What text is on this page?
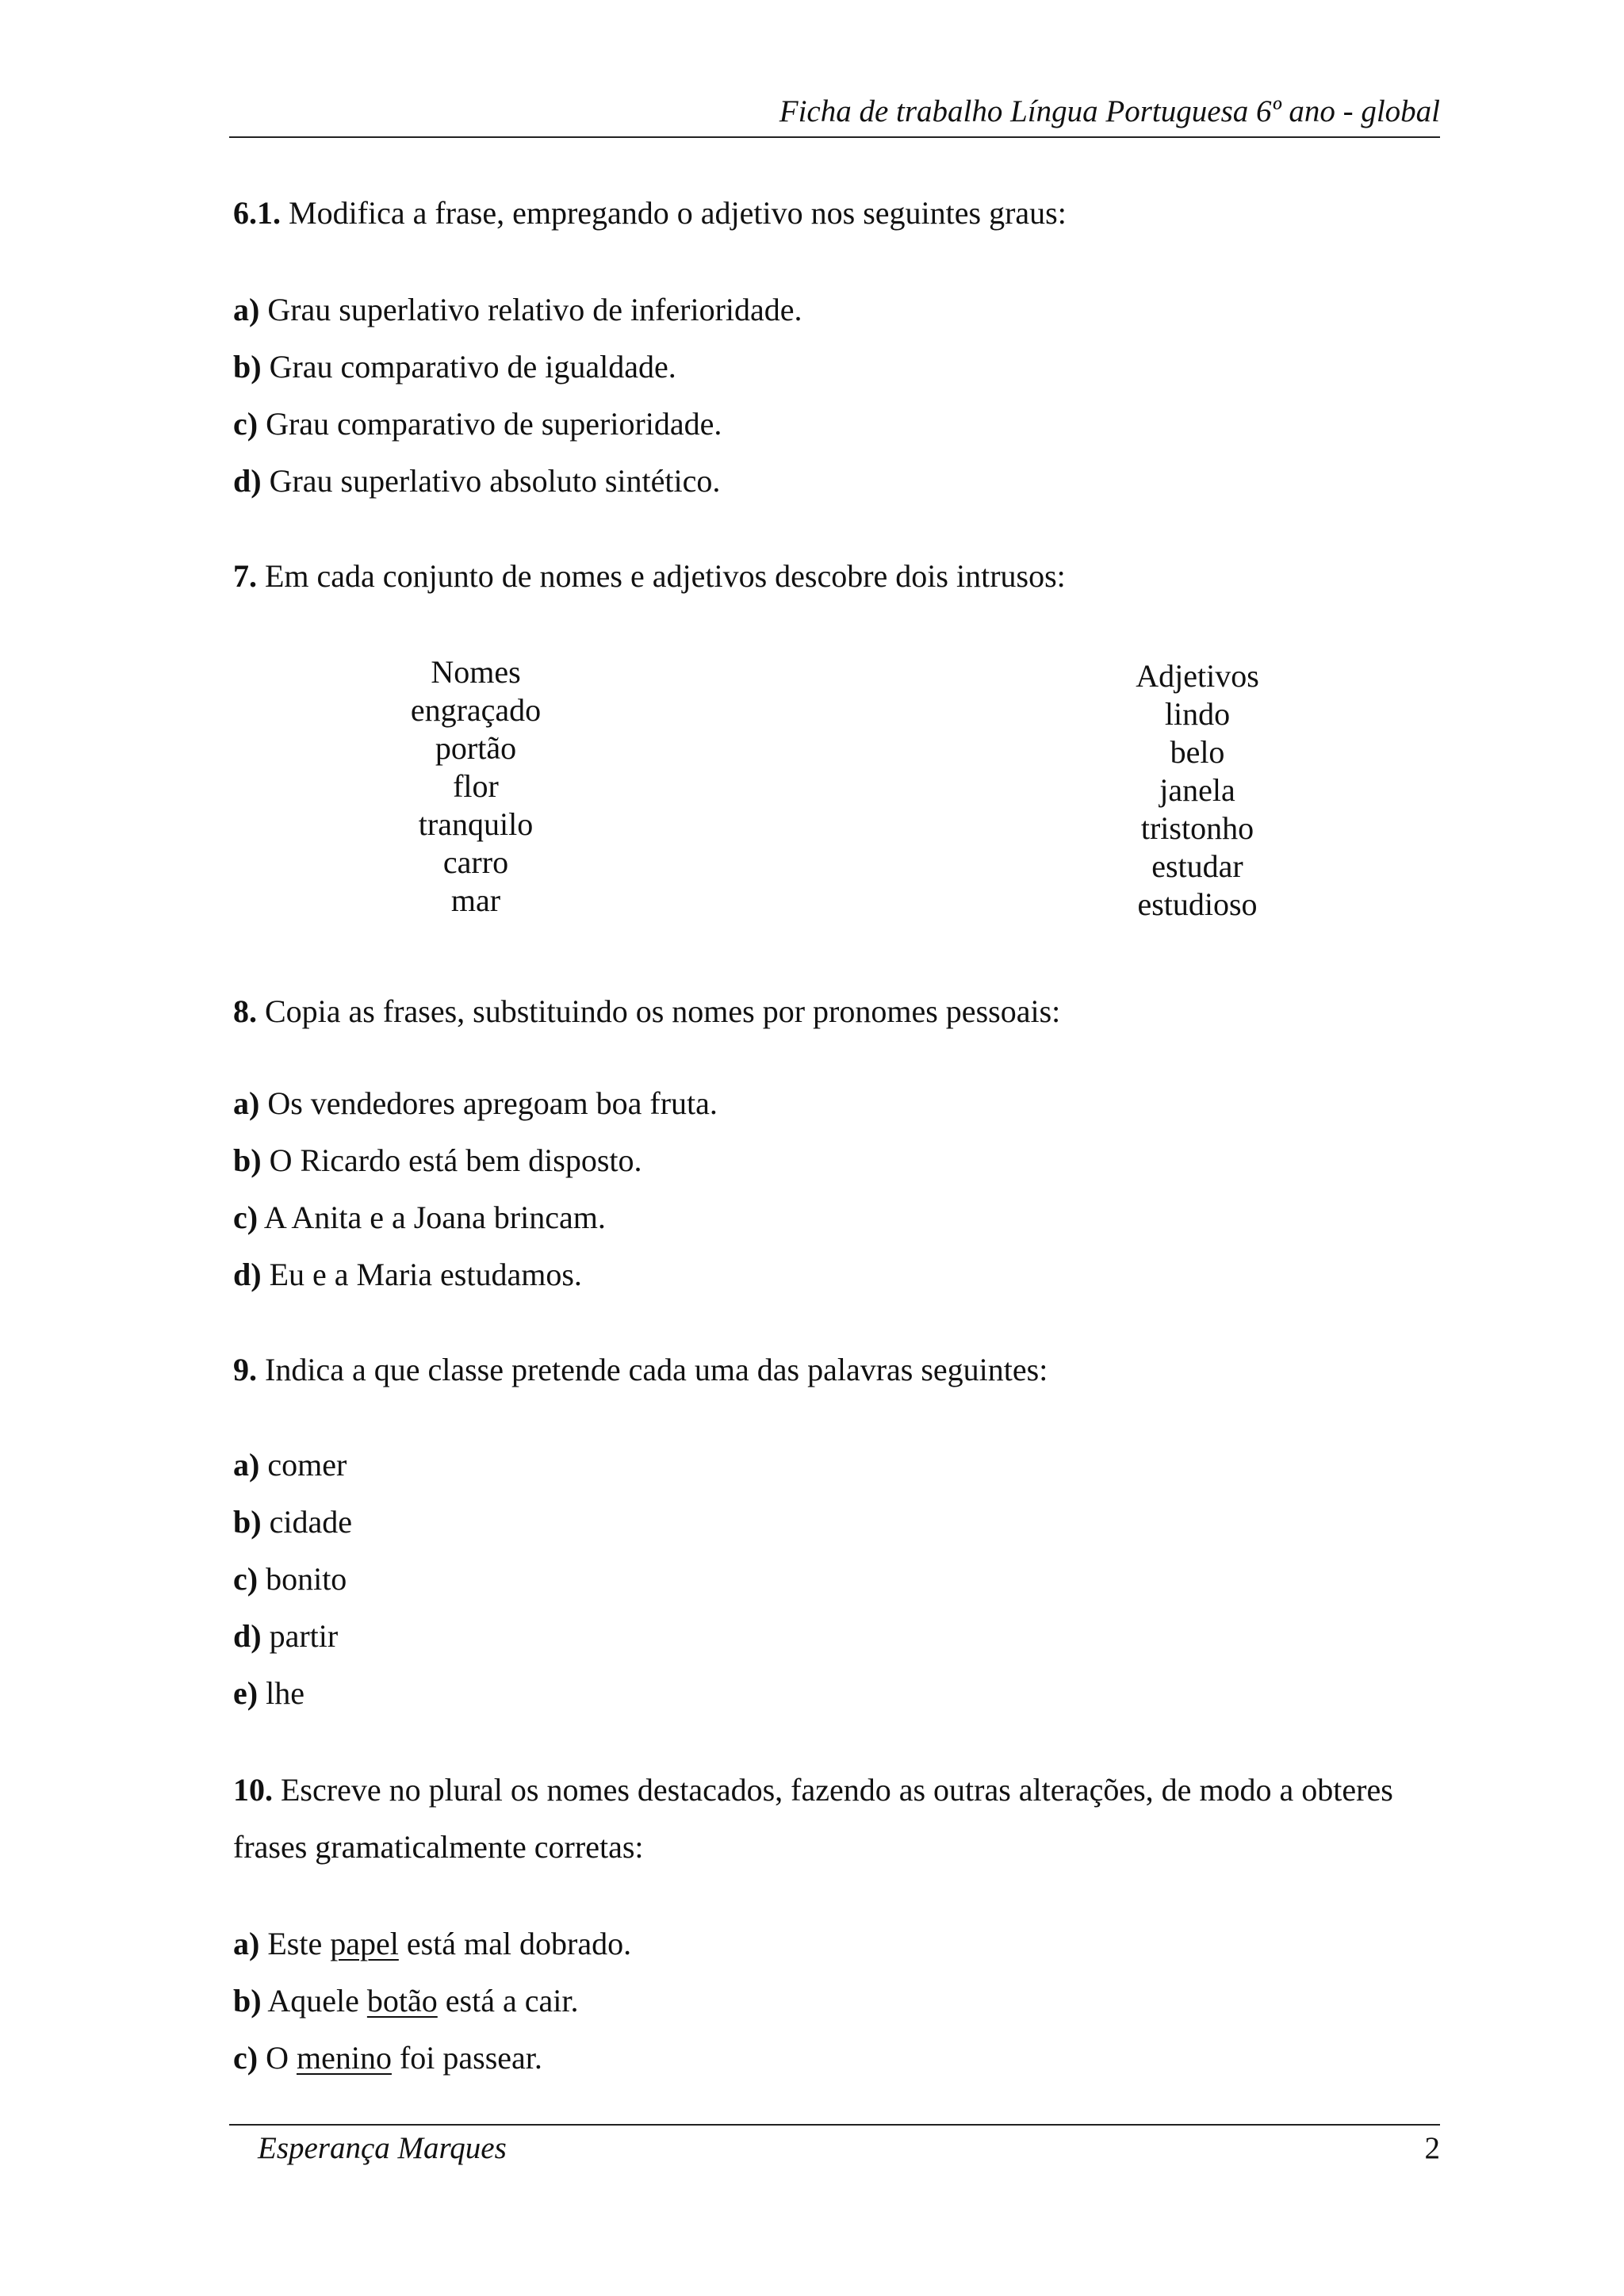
Ficha de trabalho Língua Portuguesa 6º ano - global
6.1. Modifica a frase, empregando o adjetivo nos seguintes graus:
a) Grau superlativo relativo de inferioridade.
b) Grau comparativo de igualdade.
c) Grau comparativo de superioridade.
d) Grau superlativo absoluto sintético.
7. Em cada conjunto de nomes e adjetivos descobre dois intrusos:
Nomes
engraçado
portão
flor
tranquilo
carro
mar
Adjetivos
lindo
belo
janela
tristonho
estudar
estudioso
8. Copia as frases, substituindo os nomes por pronomes pessoais:
a) Os vendedores apregoam boa fruta.
b) O Ricardo está bem disposto.
c) A Anita e a Joana brincam.
d) Eu e a Maria estudamos.
9. Indica a que classe pretende cada uma das palavras seguintes:
a) comer
b) cidade
c) bonito
d) partir
e) lhe
10. Escreve no plural os nomes destacados, fazendo as outras alterações, de modo a obteres
frases gramaticalmente corretas:
a) Este papel está mal dobrado.
b) Aquele botão está a cair.
c) O menino foi passear.
Esperança Marques	2
